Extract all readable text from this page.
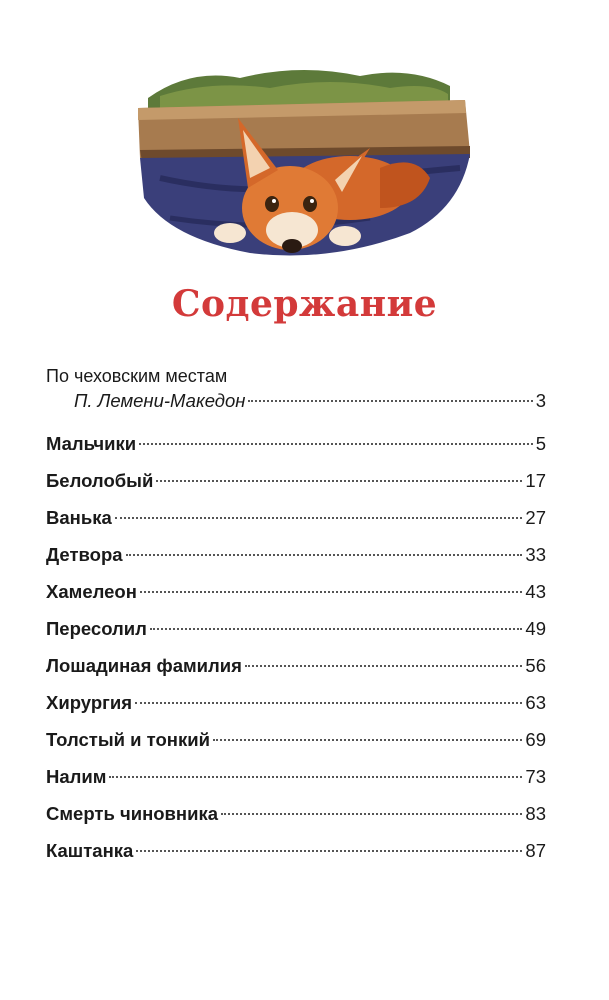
Содержание
По чеховским местам
П. Лемени-Македон	3
Мальчики	5
Белолобый	17
Ванька	27
Детвора	33
Хамелеон	43
Пересолил	49
Лошадиная фамилия	56
Хирургия	63
Толстый и тонкий	69
Налим	73
Смерть чиновника	83
Каштанка	87
